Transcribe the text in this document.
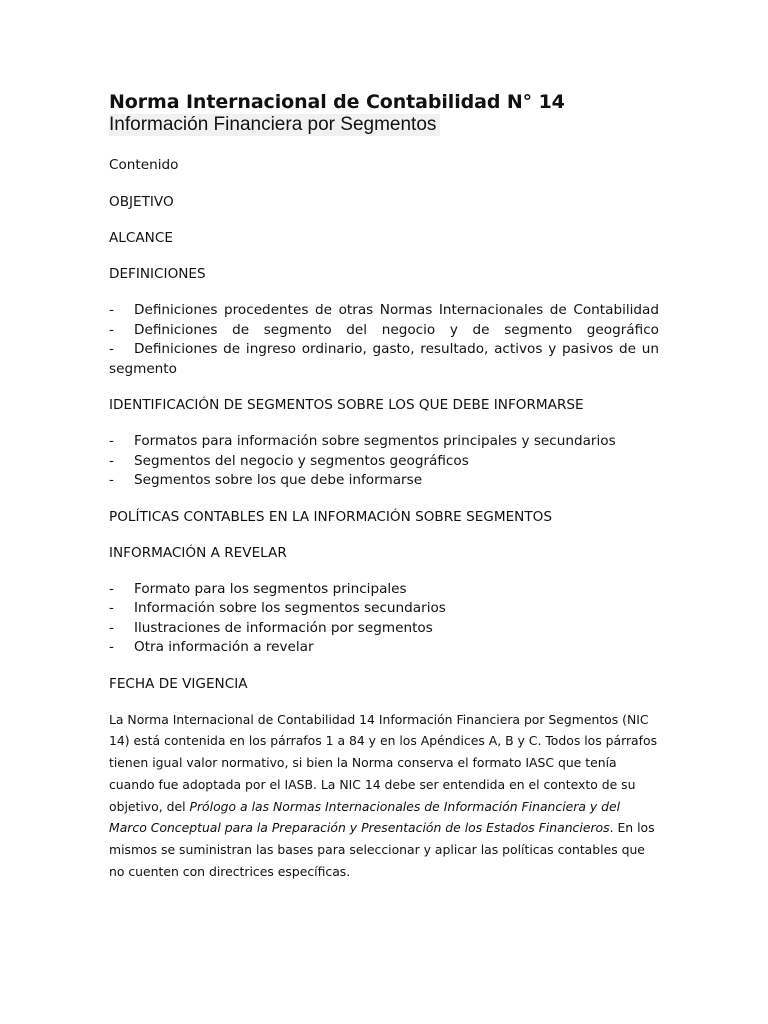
Norma Internacional de Contabilidad N° 14
Información Financiera por Segmentos

Contenido

OBJETIVO

ALCANCE

DEFINICIONES

- Definiciones procedentes de otras Normas Internacionales de Contabilidad
- Definiciones de segmento del negocio y de segmento geográfico
- Definiciones de ingreso ordinario, gasto, resultado, activos y pasivos de un segmento

IDENTIFICACIÓN DE SEGMENTOS SOBRE LOS QUE DEBE INFORMARSE

-	Formatos para información sobre segmentos principales y secundarios
-	Segmentos del negocio y segmentos geográficos
-	Segmentos sobre los que debe informarse

POLÍTICAS CONTABLES EN LA INFORMACIÓN SOBRE SEGMENTOS

INFORMACIÓN A REVELAR

-	Formato para los segmentos principales
-	Información sobre los segmentos secundarios
-	Ilustraciones de información por segmentos
-	Otra información a revelar

FECHA DE VIGENCIA

La Norma Internacional de Contabilidad 14 Información Financiera por Segmentos (NIC 14) está contenida en los párrafos 1 a 84 y en los Apéndices A, B y C. Todos los párrafos tienen igual valor normativo, si bien la Norma conserva el formato IASC que tenía cuando fue adoptada por el IASB. La NIC 14 debe ser entendida en el contexto de su objetivo, del Prólogo a las Normas Internacionales de Información Financiera y del Marco Conceptual para la Preparación y Presentación de los Estados Financieros. En los mismos se suministran las bases para seleccionar y aplicar las políticas contables que no cuenten con directrices específicas.
